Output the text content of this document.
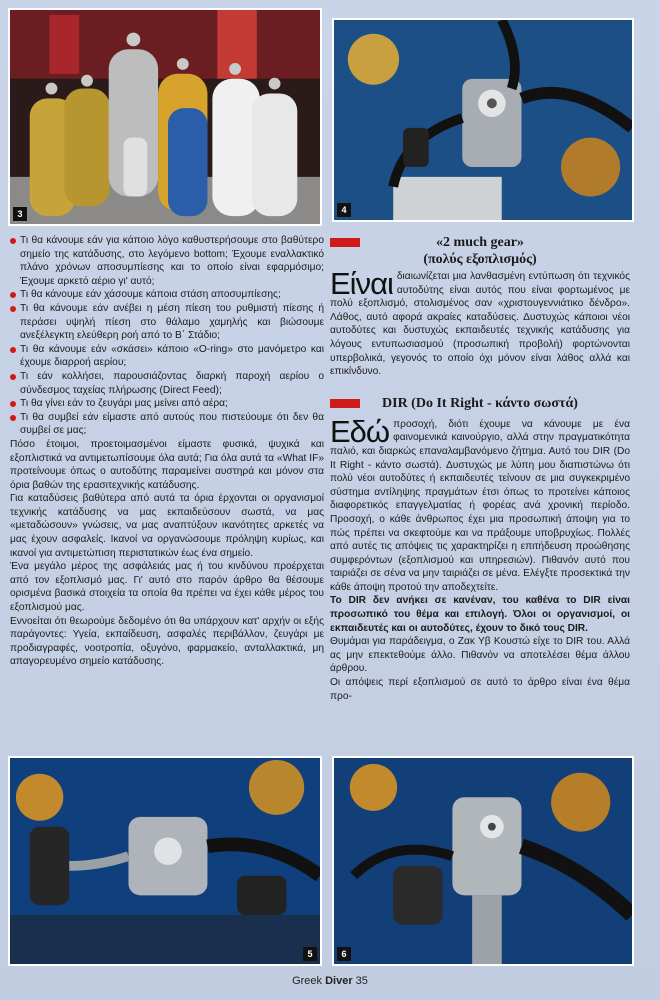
3	4

Τι θα κάνουμε εάν για κάποιο λόγο καθυστερήσουμε στο βαθύτερο σημείο της κατάδυσης, στο λεγόμενο bottom; Έχουμε εναλλακτικό πλάνο χρόνων αποσυμπίεσης και το οποίο είναι εφαρμόσιμο; Έχουμε αρκετό αέριο γι' αυτό;

Τι θα κάνουμε εάν χάσουμε κάποια στάση αποσυμπίεσης;

Τι θα κάνουμε εάν ανέβει η μέση πίεση του ρυθμιστή πίεσης ή περάσει υψηλή πίεση στο θάλαμο χαμηλής και βιώσουμε ανεξέλεγκτη ελεύθερη ροή από το Β΄ Στάδιο;

Τι θα κάνουμε εάν «σκάσει» κάποιο «O-ring» στο μανόμετρο και έχουμε διαρροή αερίου;

Τι εάν κολλήσει, παρουσιάζοντας διαρκή παροχή αερίου ο σύνδεσμος ταχείας πλήρωσης (Direct Feed);

Τι θα γίνει εάν το ζευγάρι μας μείνει από αέρα;

Τι θα συμβεί εάν είμαστε από αυτούς που πιστεύουμε ότι δεν θα συμβεί σε μας;

Πόσο έτοιμοι, προετοιμασμένοι είμαστε φυσικά, ψυχικά και εξοπλιστικά να αντιμετωπίσουμε όλα αυτά; Για όλα αυτά τα «What IF» προτείνουμε όπως ο αυτοδύτης παραμείνει αυστηρά και μόνον στα όρια βαθών της ερασιτεχνικής κατάδυσης.

Για καταδύσεις βαθύτερα από αυτά τα όρια έρχονται οι οργανισμοί τεχνικής κατάδυσης να μας εκπαιδεύσουν σωστά, να μας «μεταδώσουν» γνώσεις, να μας αναπτύξουν ικανότητες αρκετές να μας έχουν ασφαλείς. Ικανοί να οργανώσουμε πρόληψη κυρίως, και ικανοί για αντιμετώπιση περιστατικών έως ένα σημείο.

Ένα μεγάλο μέρος της ασφάλειάς μας ή του κινδύνου προέρχεται από τον εξοπλισμό μας. Γι' αυτό στο παρόν άρθρο θα θέσουμε ορισμένα βασικά στοιχεία τα οποία θα πρέπει να έχει κάθε μέρος του εξοπλισμού μας.

Εννοείται ότι θεωρούμε δεδομένο ότι θα υπάρχουν κατ' αρχήν οι εξής παράγοντες: Υγεία, εκπαίδευση, ασφαλές περιβάλλον, ζευγάρι με προδιαγραφές, νοοτροπία, οξυγόνο, φαρμακείο, ανταλλακτικά, μη απαγορευμένο σημείο κατάδυσης.

«2 much gear»
(πολύς εξοπλισμός)

Είναι διαιωνίζεται μια λανθασμένη εντύπωση ότι τεχνικός αυτοδύτης είναι αυτός που είναι φορτωμένος με πολύ εξοπλισμό, στολισμένος σαν «χριστουγεννιάτικο δένδρο». Λάθος, αυτό αφορά ακραίες καταδύσεις. Δυστυχώς κάποιοι νέοι αυτοδύτες και δυστυχώς εκπαιδευτές τεχνικής κατάδυσης για λόγους εντυπωσιασμού (προσωπική προβολή) φορτώνονται υπερβολικά, γεγονός το οποίο όχι μόνον είναι λάθος αλλά και επικίνδυνο.

DIR (Do It Right - κάντο σωστά)

Εδώ προσοχή, διότι έχουμε να κάνουμε με ένα φαινομενικά καινούργιο, αλλά στην πραγματικότητα παλιό, και διαρκώς επαναλαμβανόμενο ζήτημα. Αυτό του DIR (Do It Right - κάντο σωστά). Δυστυχώς με λύπη μου διαπιστώνω ότι πολύ νέοι αυτοδύτες ή εκπαιδευτές τείνουν σε μια συγκεκριμένο σύστημα αντίληψης πραγμάτων έτσι όπως το προτείνει κάποιος διαφορετικός επαγγελματίας ή φορέας ανά χρονική περίοδο. Προσοχή, ο κάθε άνθρωπος έχει μια προσωπική άποψη για το πώς πρέπει να σκεφτούμε και να πράξουμε υποβρυχίως. Πολλές από αυτές τις απόψεις τις χαρακτηρίζει η επιτήδευση προώθησης συμφερόντων (εξοπλισμού και υπηρεσιών). Πιθανόν αυτό που ταιριάζει σε σένα να μην ταιριάζει σε μένα. Ελέγξτε προσεκτικά την κάθε άποψη προτού την αποδεχτείτε.

Το DIR δεν ανήκει σε κανέναν, του καθένα το DIR είναι προσωπικό του θέμα και επιλογή. Όλοι οι οργανισμοί, οι εκπαιδευτές και οι αυτοδύτες, έχουν το δικό τους DIR.

Θυμάμαι για παράδειγμα, ο Ζακ Υβ Κουστώ είχε το DIR του. Αλλά ας μην επεκτεθούμε άλλο. Πιθανόν να αποτελέσει θέμα άλλου άρθρου.

Οι απόψεις περί εξοπλισμού σε αυτό το άρθρο είναι ένα θέμα προ-

5	6
Greek Diver 35
